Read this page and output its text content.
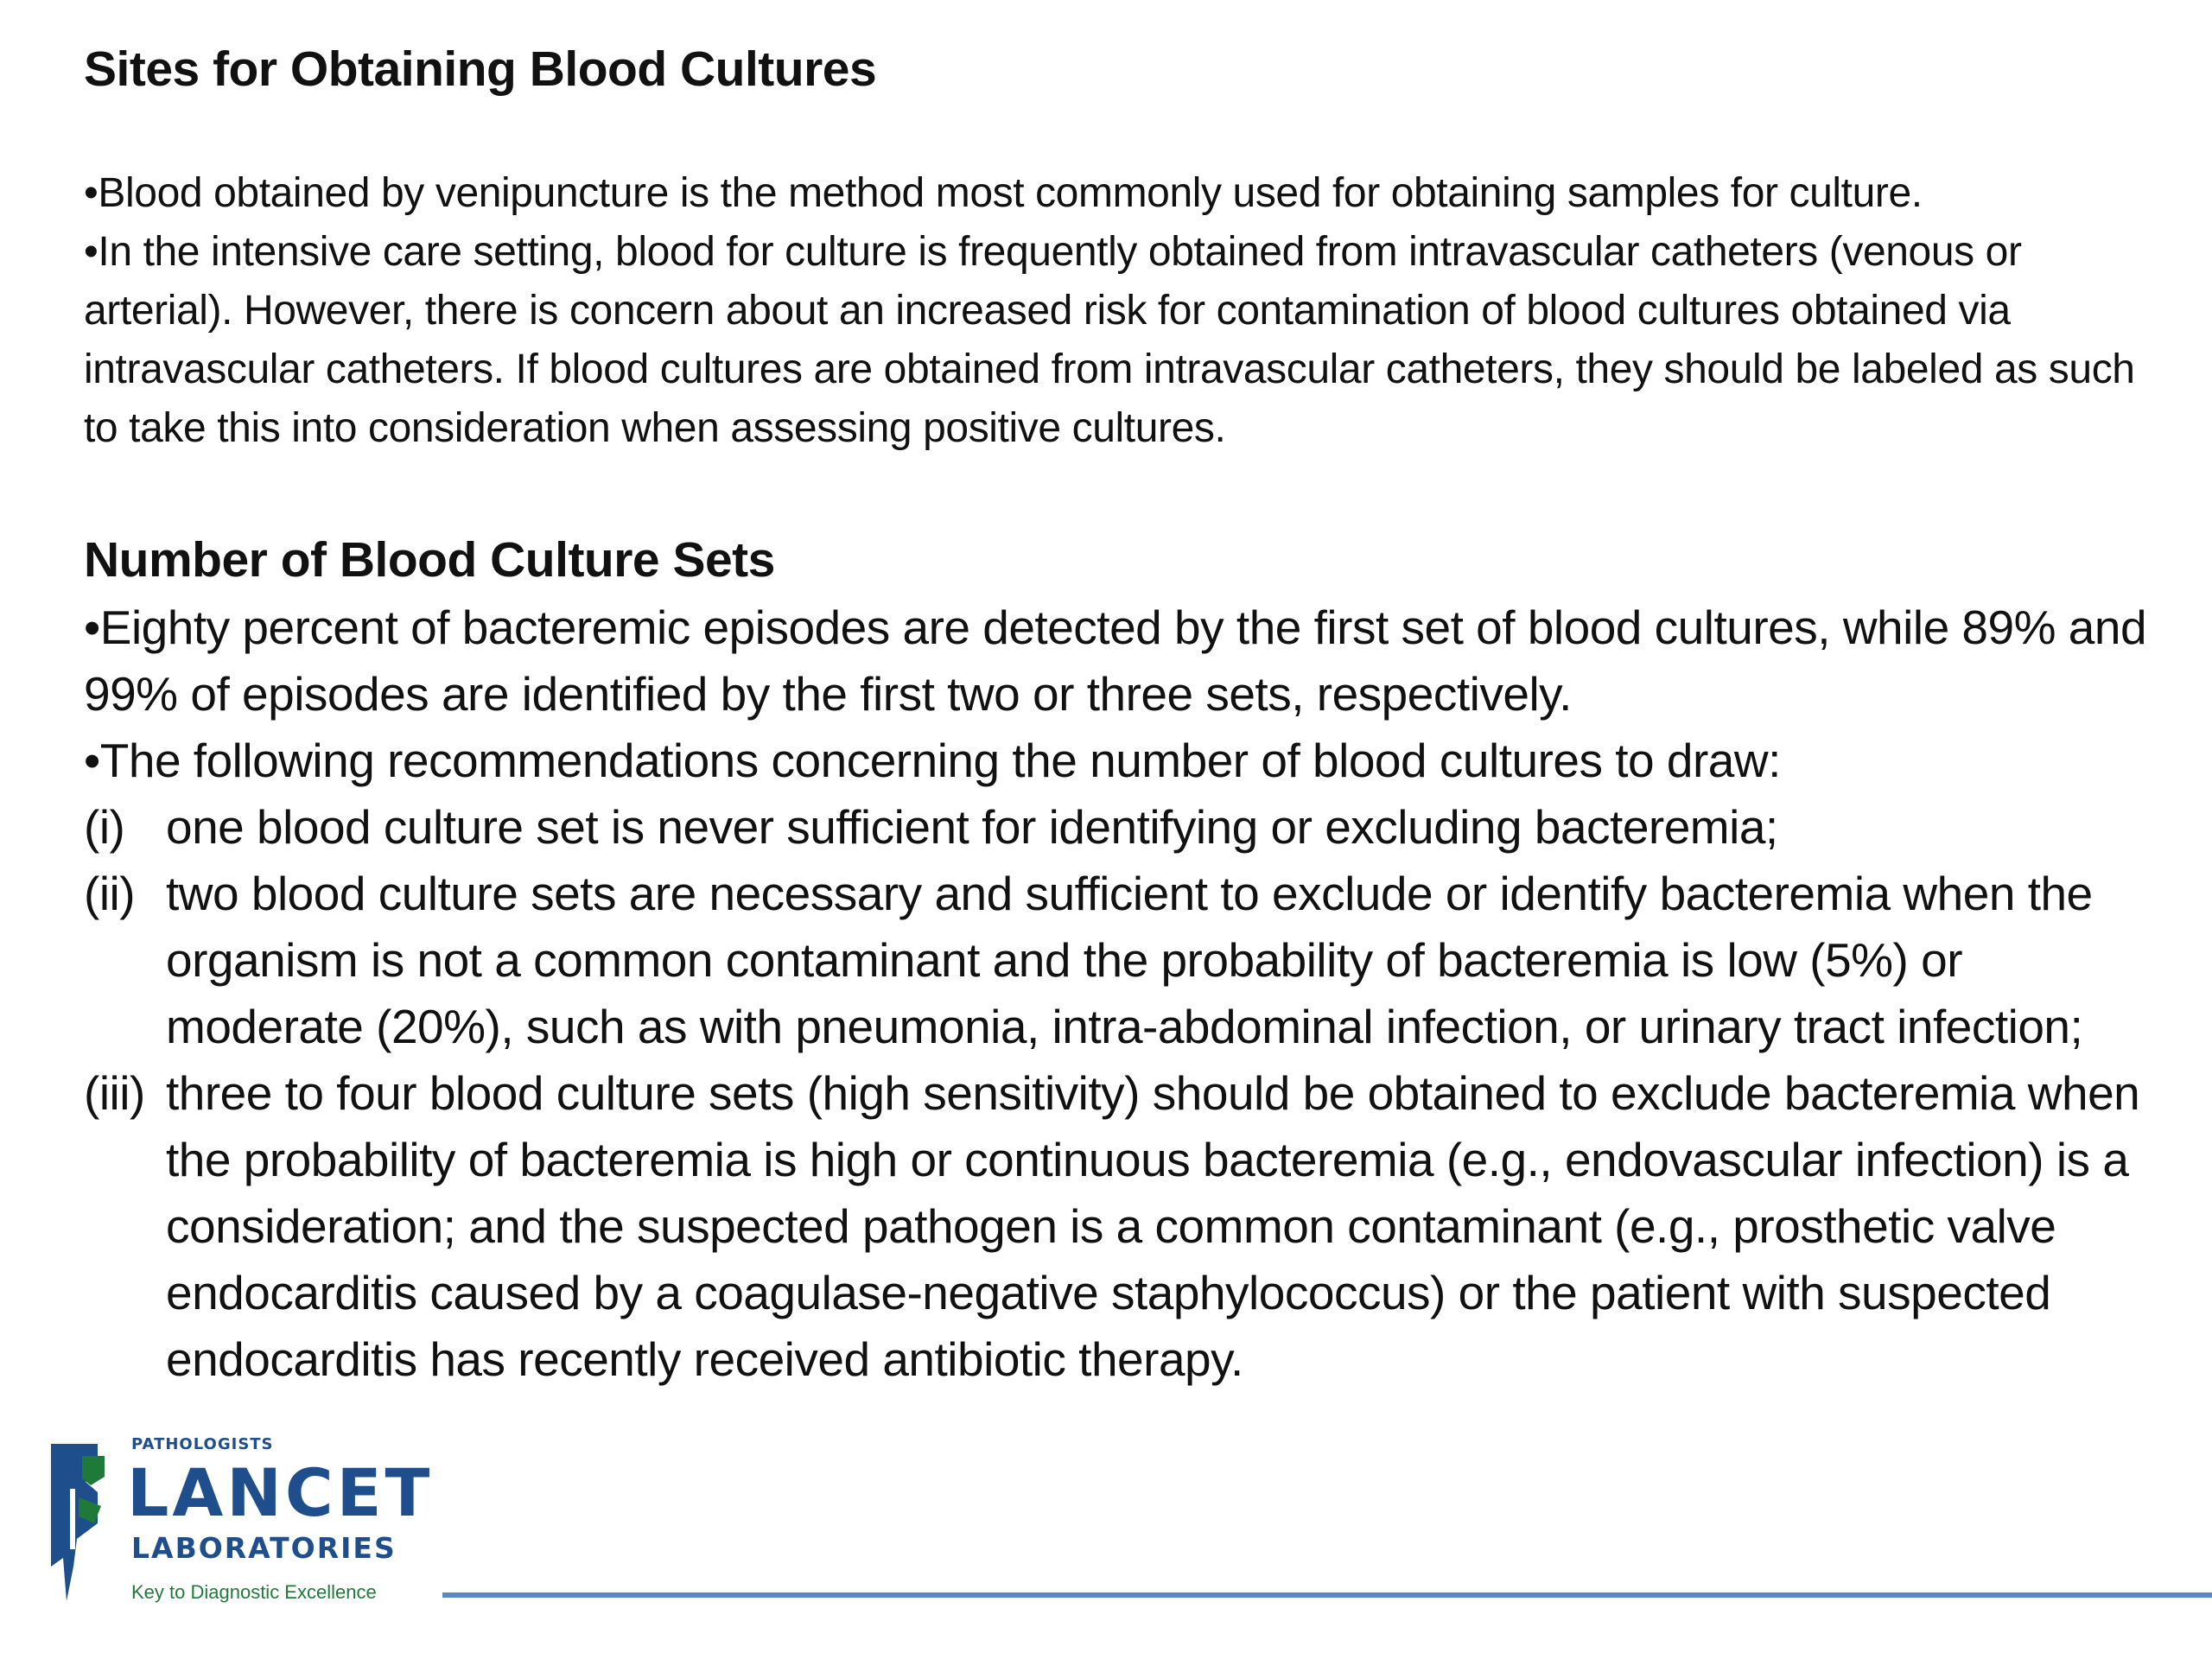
Sites for Obtaining Blood Cultures

•Blood obtained by venipuncture is the method most commonly used for obtaining samples for culture.

•In the intensive care setting, blood for culture is frequently obtained from intravascular catheters (venous or arterial). However, there is concern about an increased risk for contamination of blood cultures obtained via intravascular catheters. If blood cultures are obtained from intravascular catheters, they should be labeled as such to take this into consideration when assessing positive cultures.

Number of Blood Culture Sets

•Eighty percent of bacteremic episodes are detected by the first set of blood cultures, while 89% and 99% of episodes are identified by the first two or three sets, respectively.

•The following recommendations concerning the number of blood cultures to draw:

(i) one blood culture set is never sufficient for identifying or excluding bacteremia;
(ii) two blood culture sets are necessary and sufficient to exclude or identify bacteremia when the organism is not a common contaminant and the probability of bacteremia is low (5%) or moderate (20%), such as with pneumonia, intra-abdominal infection, or urinary tract infection;
(iii) three to four blood culture sets (high sensitivity) should be obtained to exclude bacteremia when the probability of bacteremia is high or continuous bacteremia (e.g., endovascular infection) is a consideration; and the suspected pathogen is a common contaminant (e.g., prosthetic valve endocarditis caused by a coagulase-negative staphylococcus) or the patient with suspected endocarditis has recently received antibiotic therapy.
PATHOLOGISTS
LANCET
LABORATORIES
Key to Diagnostic Excellence
